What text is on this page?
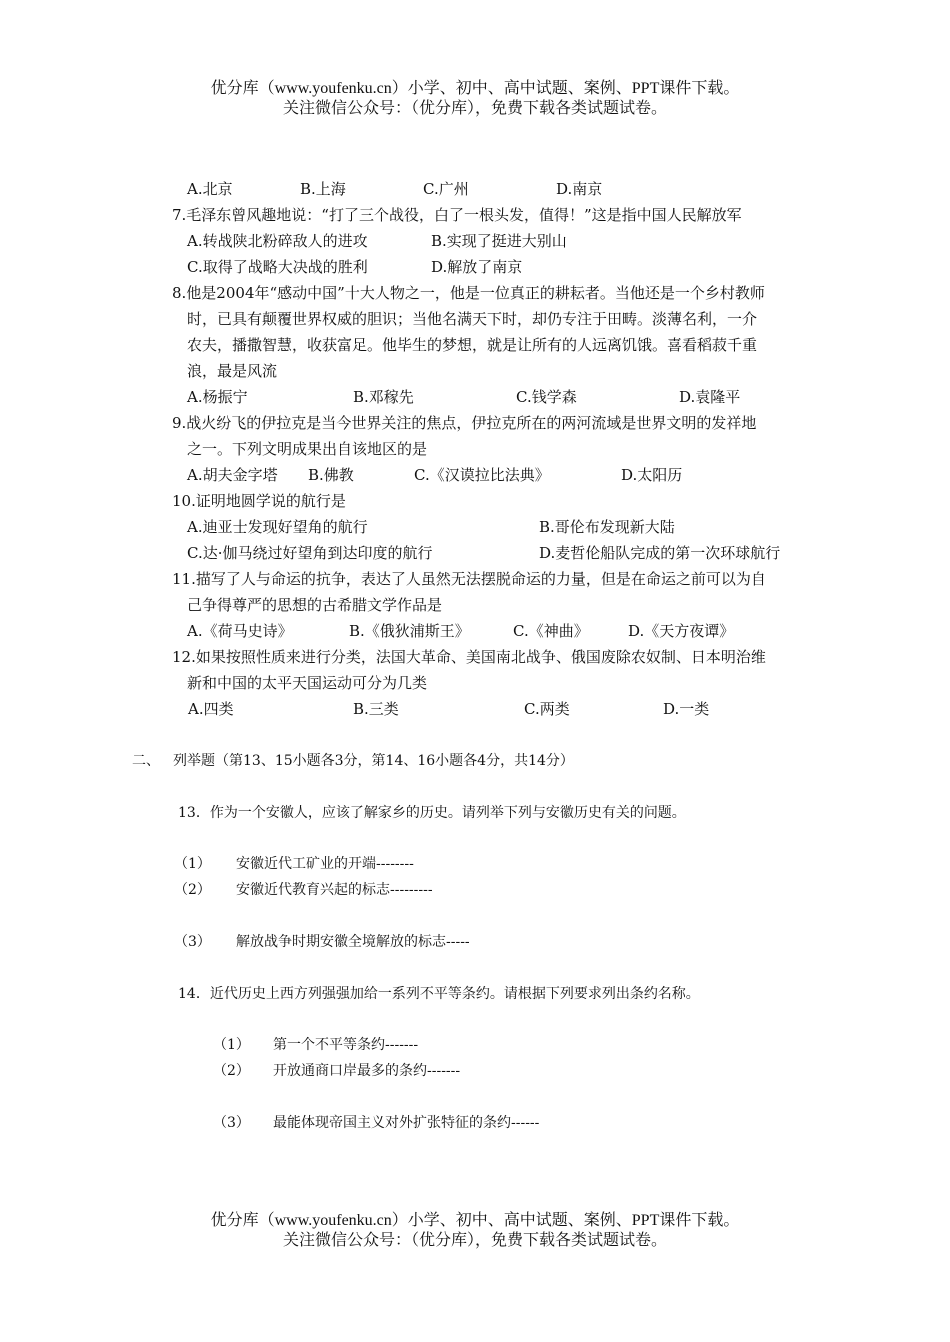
优分库（www.youfenku.cn）小学、初中、高中试题、案例、PPT课件下载。
关注微信公众号：（优分库），免费下载各类试题试卷。
A.北京	B.上海	C.广州	D.南京
7.毛泽东曾风趣地说：“打了三个战役，白了一根头发，值得！”这是指中国人民解放军
A.转战陕北粉碎敌人的进攻	B.实现了挺进大别山
C.取得了战略大决战的胜利	D.解放了南京
8.他是2004年“感动中国”十大人物之一，他是一位真正的耕耘者。当他还是一个乡村教师
时，已具有颠覆世界权威的胆识；当他名满天下时，却仍专注于田畴。淡薄名利，一介
农夫，播撒智慧，收获富足。他毕生的梦想，就是让所有的人远离饥饿。喜看稻菽千重
浪，最是风流
A.杨振宁	B.邓稼先	C.钱学森	D.袁隆平
9.战火纷飞的伊拉克是当今世界关注的焦点，伊拉克所在的两河流域是世界文明的发祥地
之一。下列文明成果出自该地区的是
A.胡夫金字塔 B.佛教	C.《汉谟拉比法典》	D.太阳历
10.证明地圆学说的航行是
A.迪亚士发现好望角的航行	B.哥伦布发现新大陆
C.达·伽马绕过好望角到达印度的航行	D.麦哲伦船队完成的第一次环球航行
11.描写了人与命运的抗争，表达了人虽然无法摆脱命运的力量，但是在命运之前可以为自
己争得尊严的思想的古希腊文学作品是
A.《荷马史诗》	B.《俄狄浦斯王》	C.《神曲》	D.《天方夜谭》
12.如果按照性质来进行分类，法国大革命、美国南北战争、俄国废除农奴制、日本明治维
新和中国的太平天国运动可分为几类
A.四类	B.三类	C.两类	D.一类
二、 列举题（第13、15小题各3分，第14、16小题各4分，共14分）
13．作为一个安徽人，应该了解家乡的历史。请列举下列与安徽历史有关的问题。
（1） 安徽近代工矿业的开端--------
（2） 安徽近代教育兴起的标志---------
（3） 解放战争时期安徽全境解放的标志-----
14．近代历史上西方列强强加给一系列不平等条约。请根据下列要求列出条约名称。
（1） 第一个不平等条约-------
（2） 开放通商口岸最多的条约-------
（3） 最能体现帝国主义对外扩张特征的条约------
优分库（www.youfenku.cn）小学、初中、高中试题、案例、PPT课件下载。
关注微信公众号：（优分库），免费下载各类试题试卷。
